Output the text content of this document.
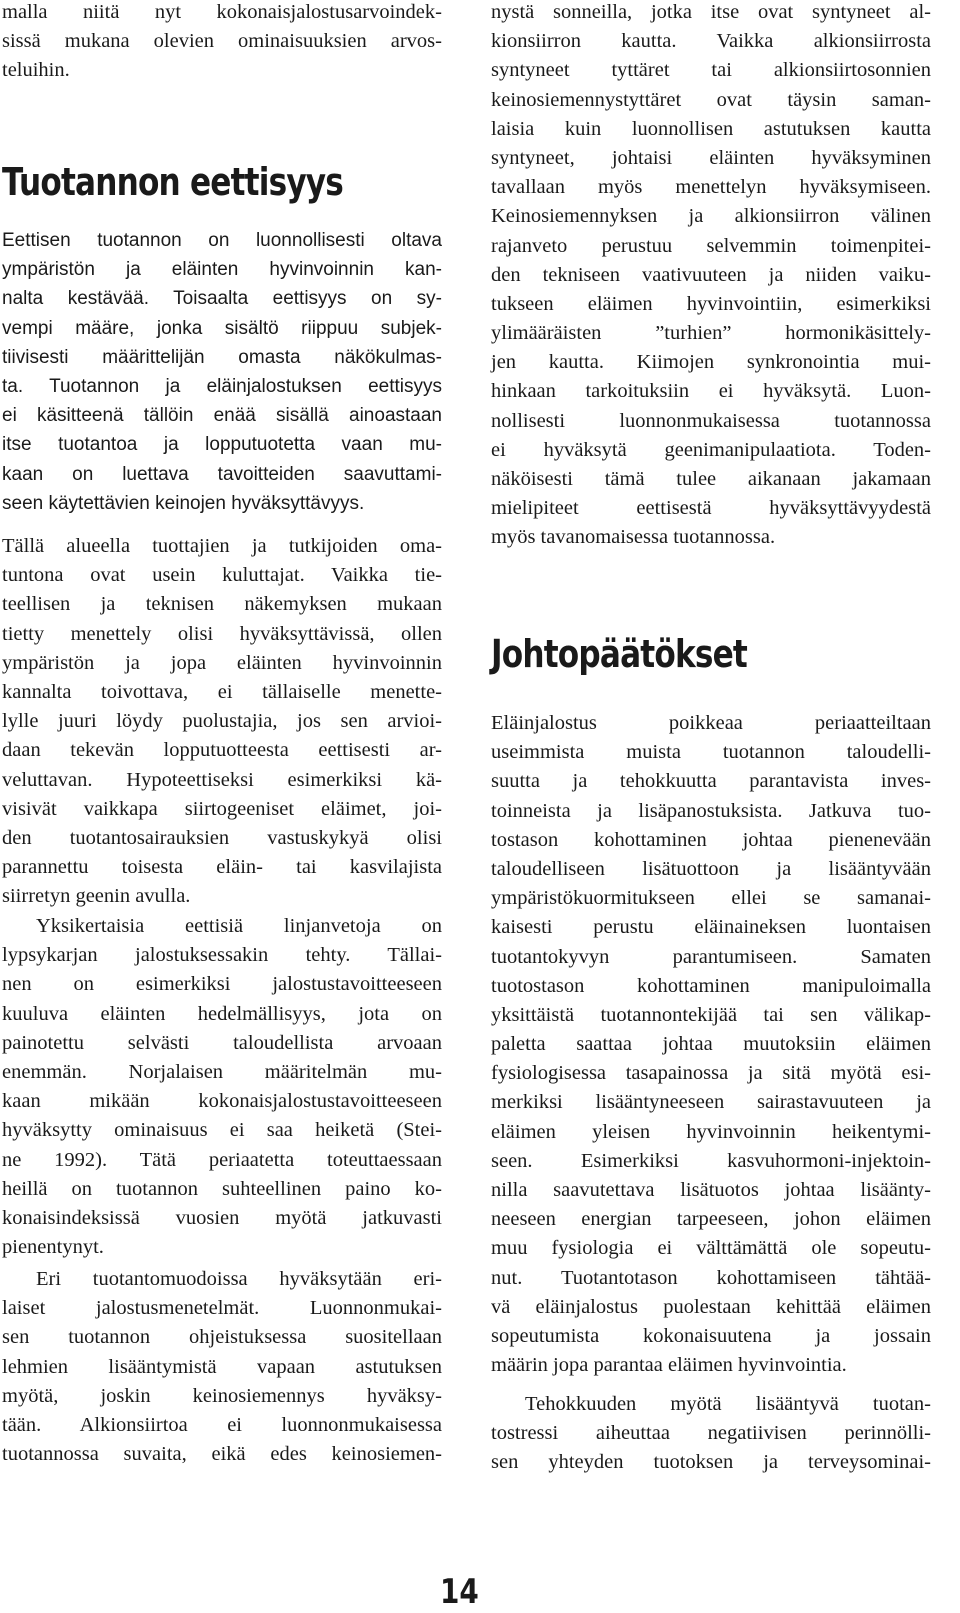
malla niitä nyt kokonaisjalostusarvoindek-
sissä mukana olevien ominaisuuksien arvos-
teluihin.
Tuotannon eettisyys
Eettisen tuotannon on luonnollisesti oltava
ympäristön ja eläinten hyvinvoinnin kan-
nalta kestävää. Toisaalta eettisyys on sy-
vempi määre, jonka sisältö riippuu subjek-
tiivisesti määrittelijän omasta näkökulmas-
ta. Tuotannon ja eläinjalostuksen eettisyys
ei käsitteenä tällöin enää sisällä ainoastaan
itse tuotantoa ja lopputuotetta vaan mu-
kaan on luettava tavoitteiden saavuttami-
seen käytettävien keinojen hyväksyttävyys.
Tällä alueella tuottajien ja tutkijoiden oma-
tuntona ovat usein kuluttajat. Vaikka tie-
teellisen ja teknisen näkemyksen mukaan
tietty menettely olisi hyväksyttävissä, ollen
ympäristön ja jopa eläinten hyvinvoinnin
kannalta toivottava, ei tällaiselle menette-
lylle juuri löydy puolustajia, jos sen arvioi-
daan tekevän lopputuotteesta eettisesti ar-
veluttavan. Hypoteettiseksi esimerkiksi kä-
visivät vaikkapa siirtogeeniset eläimet, joi-
den tuotantosairauksien vastuskykyä olisi
parannettu toisesta eläin- tai kasvilajista
siirretyn geenin avulla.
Yksikertaisia eettisiä linjanvetoja on
lypsykarjan jalostuksessakin tehty. Tällai-
nen on esimerkiksi jalostustavoitteeseen
kuuluva eläinten hedelmällisyys, jota on
painotettu selvästi taloudellista arvoaan
enemmän. Norjalaisen määritelmän mu-
kaan mikään kokonaisjalostustavoitteeseen
hyväksytty ominaisuus ei saa heiketä (Stei-
ne 1992). Tätä periaatetta toteuttaessaan
heillä on tuotannon suhteellinen paino ko-
konaisindeksissä vuosien myötä jatkuvasti
pienentynyt.
Eri tuotantomuodoissa hyväksytään eri-
laiset jalostusmenetelmät. Luonnonmukai-
sen tuotannon ohjeistuksessa suositellaan
lehmien lisääntymistä vapaan astutuksen
myötä, joskin keinosiemennys hyväksy-
tään. Alkionsiirtoa ei luonnonmukaisessa
tuotannossa suvaita, eikä edes keinosiemen-
nystä sonneilla, jotka itse ovat syntyneet al-
kionsiirron kautta. Vaikka alkionsiirrosta
syntyneet tyttäret tai alkionsiirtosonnien
keinosiemennystyttäret ovat täysin saman-
laisia kuin luonnollisen astutuksen kautta
syntyneet, johtaisi eläinten hyväksyminen
tavallaan myös menettelyn hyväksymiseen.
Keinosiemennyksen ja alkionsiirron välinen
rajanveto perustuu selvemmin toimenpitei-
den tekniseen vaativuuteen ja niiden vaiku-
tukseen eläimen hyvinvointiin, esimerkiksi
ylimääräisten ”turhien” hormonikäsittely-
jen kautta. Kiimojen synkronointia mui-
hinkaan tarkoituksiin ei hyväksytä. Luon-
nollisesti luonnonmukaisessa tuotannossa
ei hyväksytä geenimanipulaatiota. Toden-
näköisesti tämä tulee aikanaan jakamaan
mielipiteet eettisestä hyväksyttävyydestä
myös tavanomaisessa tuotannossa.
Johtopäätökset
Eläinjalostus poikkeaa periaatteiltaan
useimmista muista tuotannon taloudelli-
suutta ja tehokkuutta parantavista inves-
toinneista ja lisäpanostuksista. Jatkuva tuo-
tostason kohottaminen johtaa pienenevään
taloudelliseen lisätuottoon ja lisääntyvään
ympäristökuormitukseen ellei se samanai-
kaisesti perustu eläinaineksen luontaisen
tuotantokyvyn parantumiseen. Samaten
tuotostason kohottaminen manipuloimalla
yksittäistä tuotannontekijää tai sen välikap-
paletta saattaa johtaa muutoksiin eläimen
fysiologisessa tasapainossa ja sitä myötä esi-
merkiksi lisääntyneeseen sairastavuuteen ja
eläimen yleisen hyvinvoinnin heikentymi-
seen. Esimerkiksi kasvuhormoni-injektoin-
nilla saavutettava lisätuotos johtaa lisäänty-
neeseen energian tarpeeseen, johon eläimen
muu fysiologia ei välttämättä ole sopeutu-
nut. Tuotantotason kohottamiseen tähtää-
vä eläinjalostus puolestaan kehittää eläimen
sopeutumista kokonaisuutena ja jossain
määrin jopa parantaa eläimen hyvinvointia.
Tehokkuuden myötä lisääntyvä tuotan-
tostressi aiheuttaa negatiivisen perinnölli-
sen yhteyden tuotoksen ja terveysominai-
14
